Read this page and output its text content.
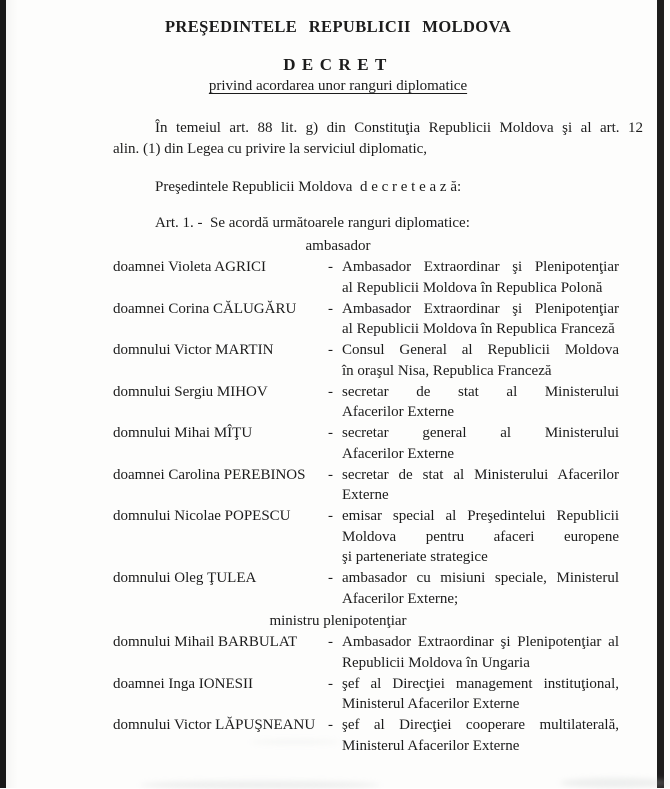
PREŞEDINTELE REPUBLICII MOLDOVA
DECRET
privind acordarea unor ranguri diplomatice
În temeiul art. 88 lit. g) din Constituţia Republicii Moldova şi al art. 12
alin. (1) din Legea cu privire la serviciul diplomatic,
Preşedintele Republicii Moldova  d e c r e t e a z ă:
Art. 1. -  Se acordă următoarele ranguri diplomatice:
ambasador
doamnei Violeta AGRICI	- Ambasador Extraordinar şi Plenipotenţiar
al Republicii Moldova în Republica Polonă
doamnei Corina CĂLUGĂRU	- Ambasador Extraordinar şi Plenipotenţiar
al Republicii Moldova în Republica Franceză
domnului Victor MARTIN	- Consul General al Republicii Moldova
în oraşul Nisa, Republica Franceză
domnului Sergiu MIHOV	- secretar de stat al Ministerului
Afacerilor Externe
domnului Mihai MÎŢU	- secretar general al Ministerului
Afacerilor Externe
doamnei Carolina PEREBINOS	- secretar de stat al Ministerului Afacerilor
Externe
domnului Nicolae POPESCU	- emisar special al Preşedintelui Republicii
Moldova pentru afaceri europene
şi parteneriate strategice
domnului Oleg ŢULEA	- ambasador cu misiuni speciale, Ministerul
Afacerilor Externe;
ministru plenipotenţiar
domnului Mihail BARBULAT	- Ambasador Extraordinar şi Plenipotenţiar al
Republicii Moldova în Ungaria
doamnei Inga IONESII	- şef al Direcţiei management instituţional,
Ministerul Afacerilor Externe
domnului Victor LĂPUŞNEANU - şef al Direcţiei cooperare multilaterală,
Ministerul Afacerilor Externe
